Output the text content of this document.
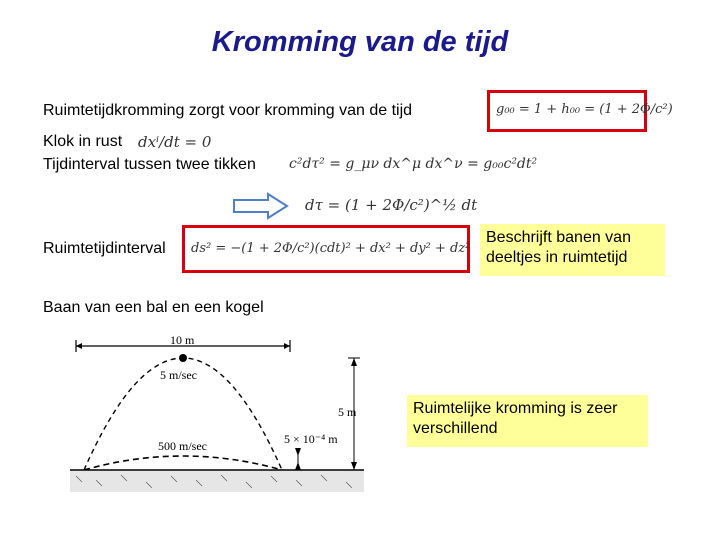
Kromming van de tijd
Ruimtetijdkromming zorgt voor kromming van de tijd	g₀₀ = 1 + h₀₀ = (1 + 2Φ/c²)
Klok in rust dxⁱ/dt = 0
Tijdinterval tussen twee tikken c²dτ² = g_μν dx^μ dx^ν = g₀₀c²dt²
dτ = (1 + 2Φ/c²)^½ dt
Ruimtetijdinterval ds² = −(1 + 2Φ/c²)(cdt)² + dx² + dy² + dz²
Beschrijft banen van deeltjes in ruimtetijd
Baan van een bal en een kogel
10 m
5 m/sec
500 m/sec	5 × 10⁻⁴ m
5 m	Ruimtelijke kromming is zeer verschillend
